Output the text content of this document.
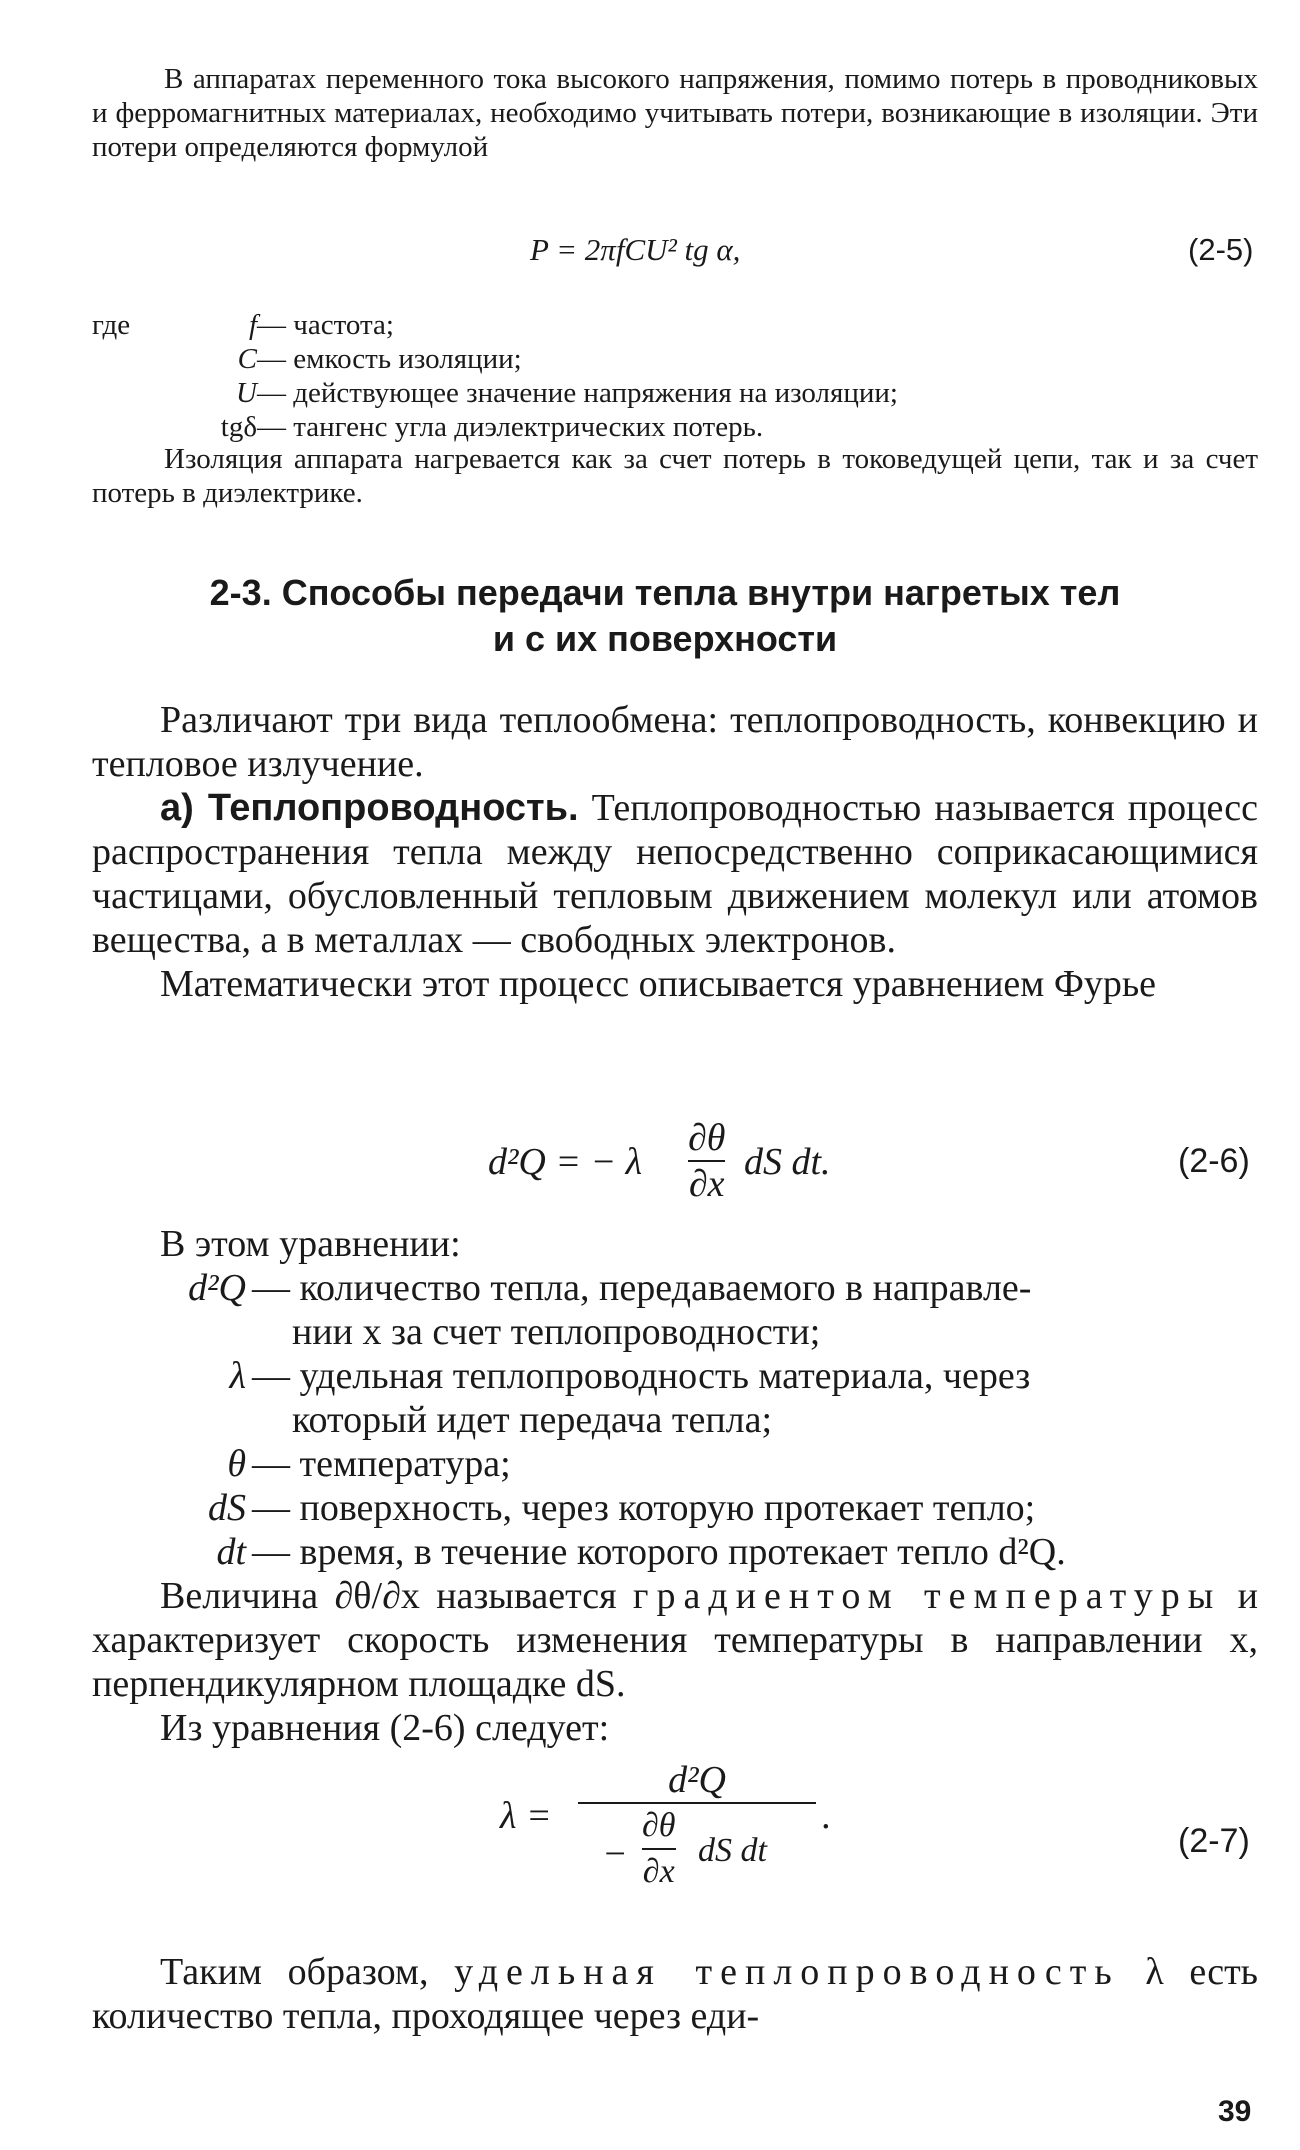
В аппаратах переменного тока высокого напряжения, помимо потерь в проводниковых и ферромагнитных материалах, необходимо учитывать потери, возникающие в изоляции. Эти потери определяются формулой

P = 2πfCU² tg α,	(2-5)
где	f— частота;
C— емкость изоляции;
U— действующее значение напряжения на изоляции;
tgδ— тангенс угла диэлектрических потерь.

Изоляция аппарата нагревается как за счет потерь в токоведущей цепи, так и за счет потерь в диэлектрике.

2-3. Способы передачи тепла внутри нагретых тел
и с их поверхности

Различают три вида теплообмена: теплопроводность, конвекцию и тепловое излучение.

а) Теплопроводность. Теплопроводностью называется процесс распространения тепла между непосредственно соприкасающимися частицами, обусловленный тепловым движением молекул или атомов вещества, а в металлах — свободных электронов.

Математически этот процесс описывается уравнением Фурье

d²Q = − λ
∂θ
∂x
dS dt.	(2-6)
В этом уравнении:
d²Q — количество тепла, передаваемого в направле-
нии x за счет теплопроводности;
λ — удельная теплопроводность материала, через
который идет передача тепла;
θ — температура;
dS — поверхность, через которую протекает тепло;
dt — время, в течение которого протекает тепло d²Q.

Величина ∂θ/∂x называется градиентом температуры и характеризует скорость изменения температуры в направлении x, перпендикулярном площадке dS.

Из уравнения (2-6) следует:

λ =
d²Q
−
∂θ
∂x
dS dt
.
(2-7)

Таким образом, удельная теплопроводность λ есть количество тепла, проходящее через еди-

39
